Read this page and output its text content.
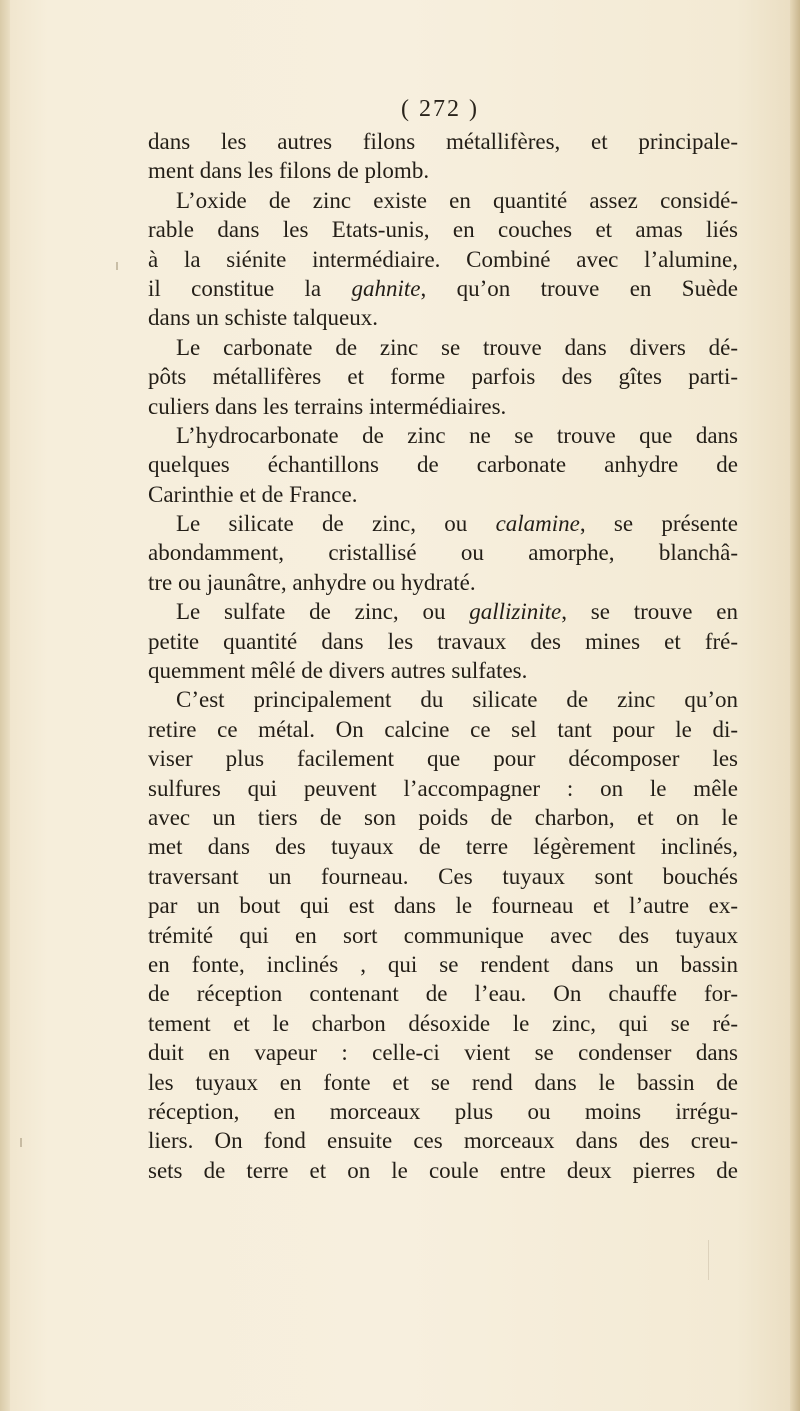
( 272 )
dans les autres filons métallifères, et principale-
ment dans les filons de plomb.
L’oxide de zinc existe en quantité assez considé-
rable dans les Etats-unis, en couches et amas liés
à la siénite intermédiaire. Combiné avec l’alumine,
il constitue la gahnite, qu’on trouve en Suède
dans un schiste talqueux.
Le carbonate de zinc se trouve dans divers dé-
pôts métallifères et forme parfois des gîtes parti-
culiers dans les terrains intermédiaires.
L’hydrocarbonate de zinc ne se trouve que dans
quelques échantillons de carbonate anhydre de
Carinthie et de France.
Le silicate de zinc, ou calamine, se présente
abondamment, cristallisé ou amorphe, blanchâ-
tre ou jaunâtre, anhydre ou hydraté.
Le sulfate de zinc, ou gallizinite, se trouve en
petite quantité dans les travaux des mines et fré-
quemment mêlé de divers autres sulfates.
C’est principalement du silicate de zinc qu’on
retire ce métal. On calcine ce sel tant pour le di-
viser plus facilement que pour décomposer les
sulfures qui peuvent l’accompagner : on le mêle
avec un tiers de son poids de charbon, et on le
met dans des tuyaux de terre légèrement inclinés,
traversant un fourneau. Ces tuyaux sont bouchés
par un bout qui est dans le fourneau et l’autre ex-
trémité qui en sort communique avec des tuyaux
en fonte, inclinés , qui se rendent dans un bassin
de réception contenant de l’eau. On chauffe for-
tement et le charbon désoxide le zinc, qui se ré-
duit en vapeur : celle-ci vient se condenser dans
les tuyaux en fonte et se rend dans le bassin de
réception, en morceaux plus ou moins irrégu-
liers. On fond ensuite ces morceaux dans des creu-
sets de terre et on le coule entre deux pierres de
